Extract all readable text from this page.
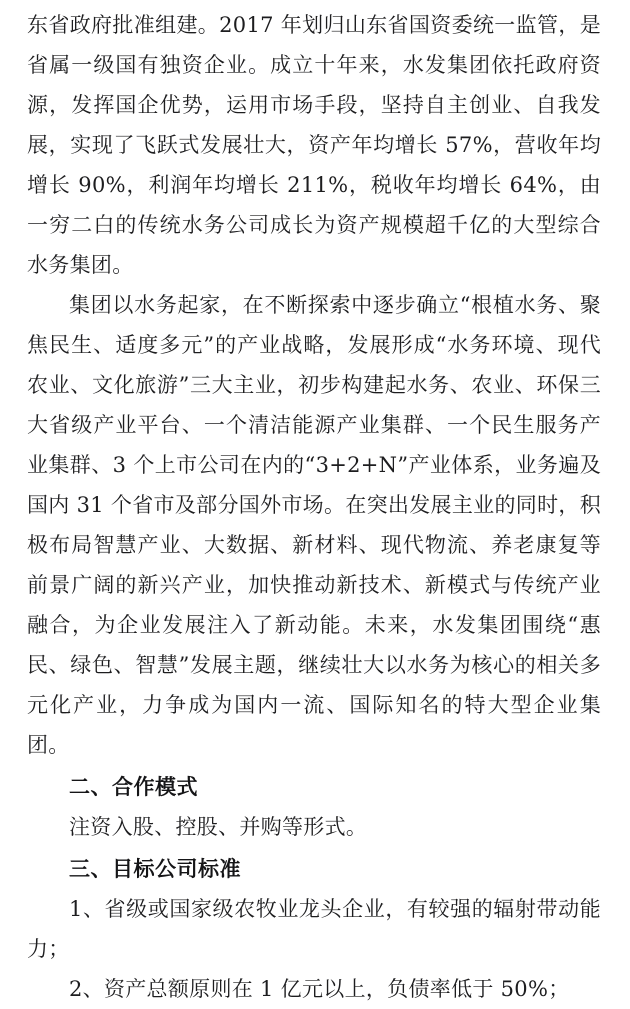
东省政府批准组建。2017 年划归山东省国资委统一监管，是省属一级国有独资企业。成立十年来，水发集团依托政府资源，发挥国企优势，运用市场手段，坚持自主创业、自我发展，实现了飞跃式发展壮大，资产年均增长 57%，营收年均增长 90%，利润年均增长 211%，税收年均增长 64%，由一穷二白的传统水务公司成长为资产规模超千亿的大型综合水务集团。

集团以水务起家，在不断探索中逐步确立“根植水务、聚焦民生、适度多元”的产业战略，发展形成“水务环境、现代农业、文化旅游”三大主业，初步构建起水务、农业、环保三大省级产业平台、一个清洁能源产业集群、一个民生服务产业集群、3 个上市公司在内的“3+2+N”产业体系，业务遍及国内 31 个省市及部分国外市场。在突出发展主业的同时，积极布局智慧产业、大数据、新材料、现代物流、养老康复等前景广阔的新兴产业，加快推动新技术、新模式与传统产业融合，为企业发展注入了新动能。未来，水发集团围绕“惠民、绿色、智慧”发展主题，继续壮大以水务为核心的相关多元化产业，力争成为国内一流、国际知名的特大型企业集团。

二、合作模式

注资入股、控股、并购等形式。

三、目标公司标准

1、省级或国家级农牧业龙头企业，有较强的辐射带动能力；

2、资产总额原则在 1 亿元以上，负债率低于 50%；
